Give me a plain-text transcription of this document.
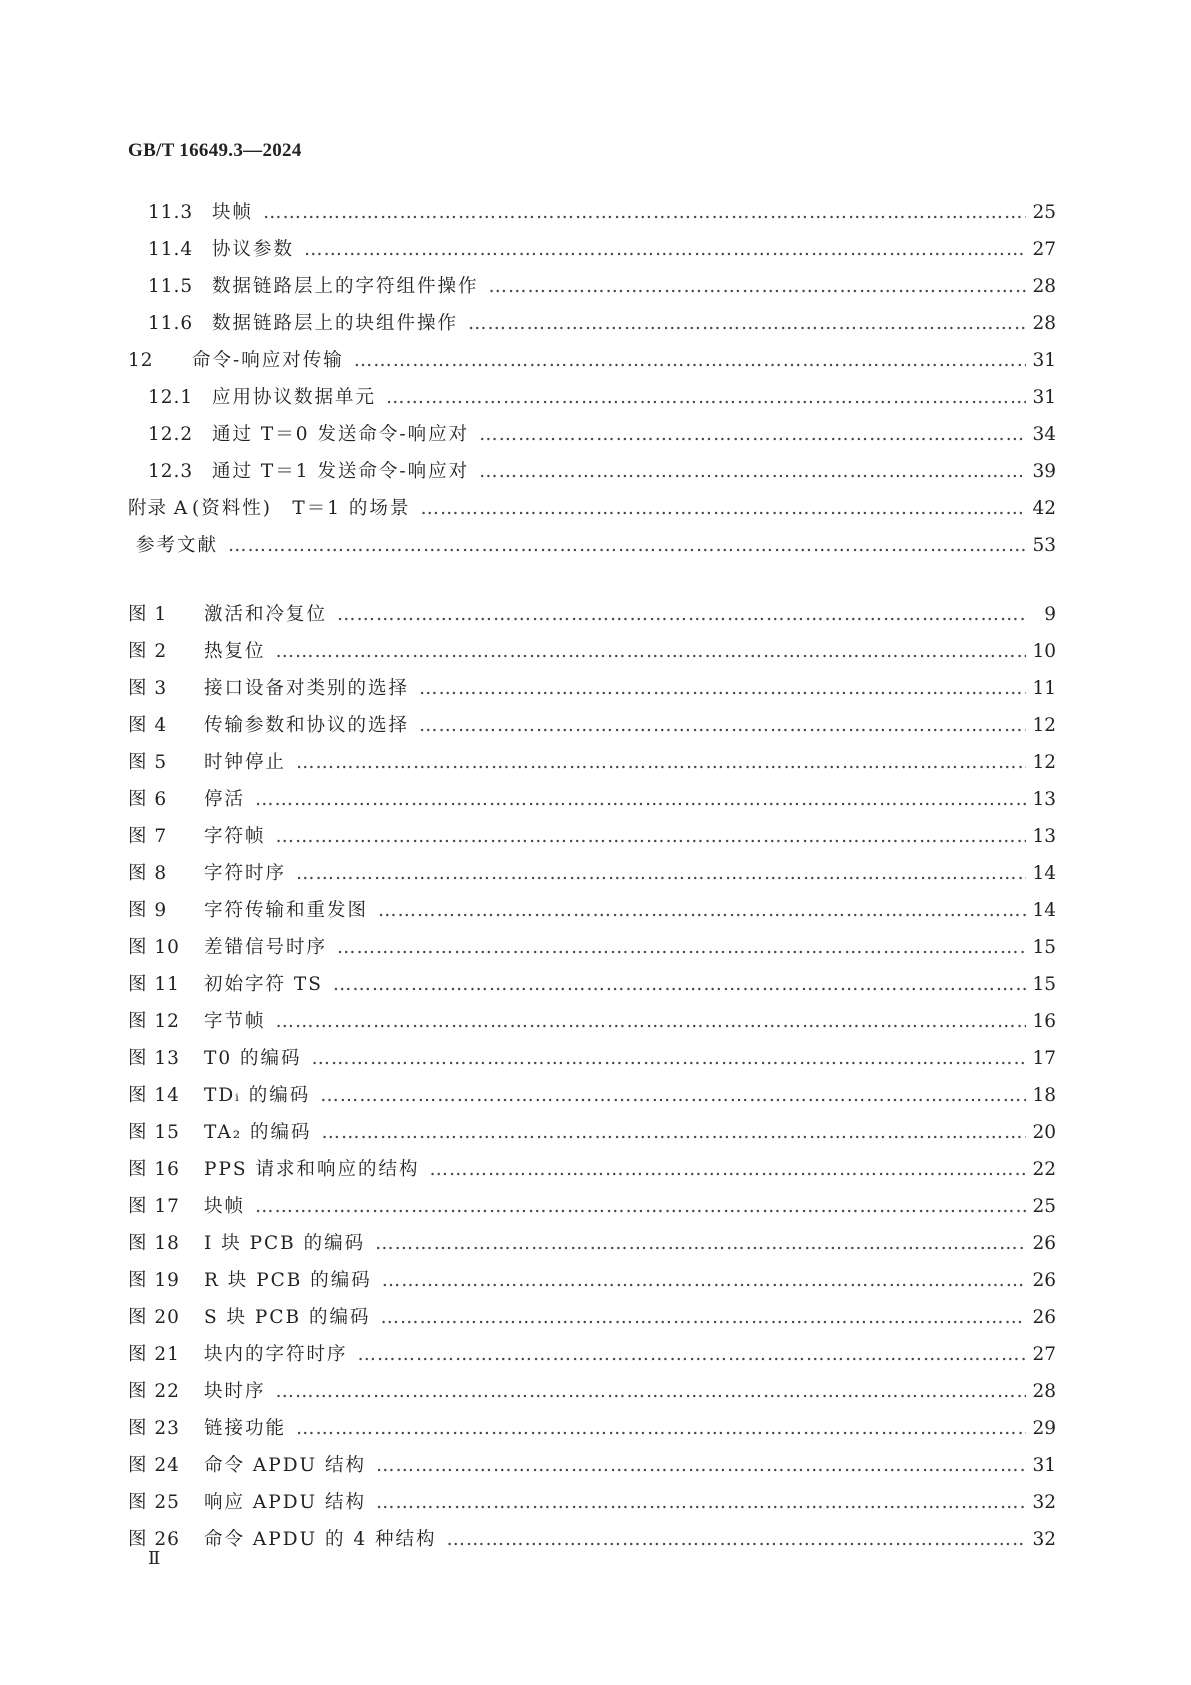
GB/T 16649.3—2024
11.3	块帧 …………………………………………………………………………………………………………………………………………………………………………………………………………	25
11.4	协议参数 …………………………………………………………………………………………………………………………………………………………………………………………………………	27
11.5	数据链路层上的字符组件操作 …………………………………………………………………………………………………………………………………………………………………………………………………………	28
11.6	数据链路层上的块组件操作 …………………………………………………………………………………………………………………………………………………………………………………………………………	28
12	命令-响应对传输 …………………………………………………………………………………………………………………………………………………………………………………………………………	31
12.1	应用协议数据单元 …………………………………………………………………………………………………………………………………………………………………………………………………………	31
12.2	通过 T＝0 发送命令-响应对 …………………………………………………………………………………………………………………………………………………………………………………………………………	34
12.3	通过 T＝1 发送命令-响应对 …………………………………………………………………………………………………………………………………………………………………………………………………………	39
附录 A (资料性)　T＝1 的场景 …………………………………………………………………………………………………………………………………………………………………………………………………………	42
参考文献 …………………………………………………………………………………………………………………………………………………………………………………………………………	53
图 1	激活和冷复位 …………………………………………………………………………………………………………………………………………………………………………………………………………	9
图 2	热复位 …………………………………………………………………………………………………………………………………………………………………………………………………………	10
图 3	接口设备对类别的选择 …………………………………………………………………………………………………………………………………………………………………………………………………………	11
图 4	传输参数和协议的选择 …………………………………………………………………………………………………………………………………………………………………………………………………………	12
图 5	时钟停止 …………………………………………………………………………………………………………………………………………………………………………………………………………	12
图 6	停活 …………………………………………………………………………………………………………………………………………………………………………………………………………	13
图 7	字符帧 …………………………………………………………………………………………………………………………………………………………………………………………………………	13
图 8	字符时序 …………………………………………………………………………………………………………………………………………………………………………………………………………	14
图 9	字符传输和重发图 …………………………………………………………………………………………………………………………………………………………………………………………………………	14
图 10	差错信号时序 …………………………………………………………………………………………………………………………………………………………………………………………………………	15
图 11	初始字符 TS …………………………………………………………………………………………………………………………………………………………………………………………………………	15
图 12	字节帧 …………………………………………………………………………………………………………………………………………………………………………………………………………	16
图 13	T0 的编码 …………………………………………………………………………………………………………………………………………………………………………………………………………	17
图 14	TDᵢ 的编码 …………………………………………………………………………………………………………………………………………………………………………………………………………	18
图 15	TA₂ 的编码 …………………………………………………………………………………………………………………………………………………………………………………………………………	20
图 16	PPS 请求和响应的结构 …………………………………………………………………………………………………………………………………………………………………………………………………………	22
图 17	块帧 …………………………………………………………………………………………………………………………………………………………………………………………………………	25
图 18	I 块 PCB 的编码 …………………………………………………………………………………………………………………………………………………………………………………………………………	26
图 19	R 块 PCB 的编码 …………………………………………………………………………………………………………………………………………………………………………………………………………	26
图 20	S 块 PCB 的编码 …………………………………………………………………………………………………………………………………………………………………………………………………………	26
图 21	块内的字符时序 …………………………………………………………………………………………………………………………………………………………………………………………………………	27
图 22	块时序 …………………………………………………………………………………………………………………………………………………………………………………………………………	28
图 23	链接功能 …………………………………………………………………………………………………………………………………………………………………………………………………………	29
图 24	命令 APDU 结构 …………………………………………………………………………………………………………………………………………………………………………………………………………	31
图 25	响应 APDU 结构 …………………………………………………………………………………………………………………………………………………………………………………………………………	32
图 26	命令 APDU 的 4 种结构 …………………………………………………………………………………………………………………………………………………………………………………………………………	32
Ⅱ
